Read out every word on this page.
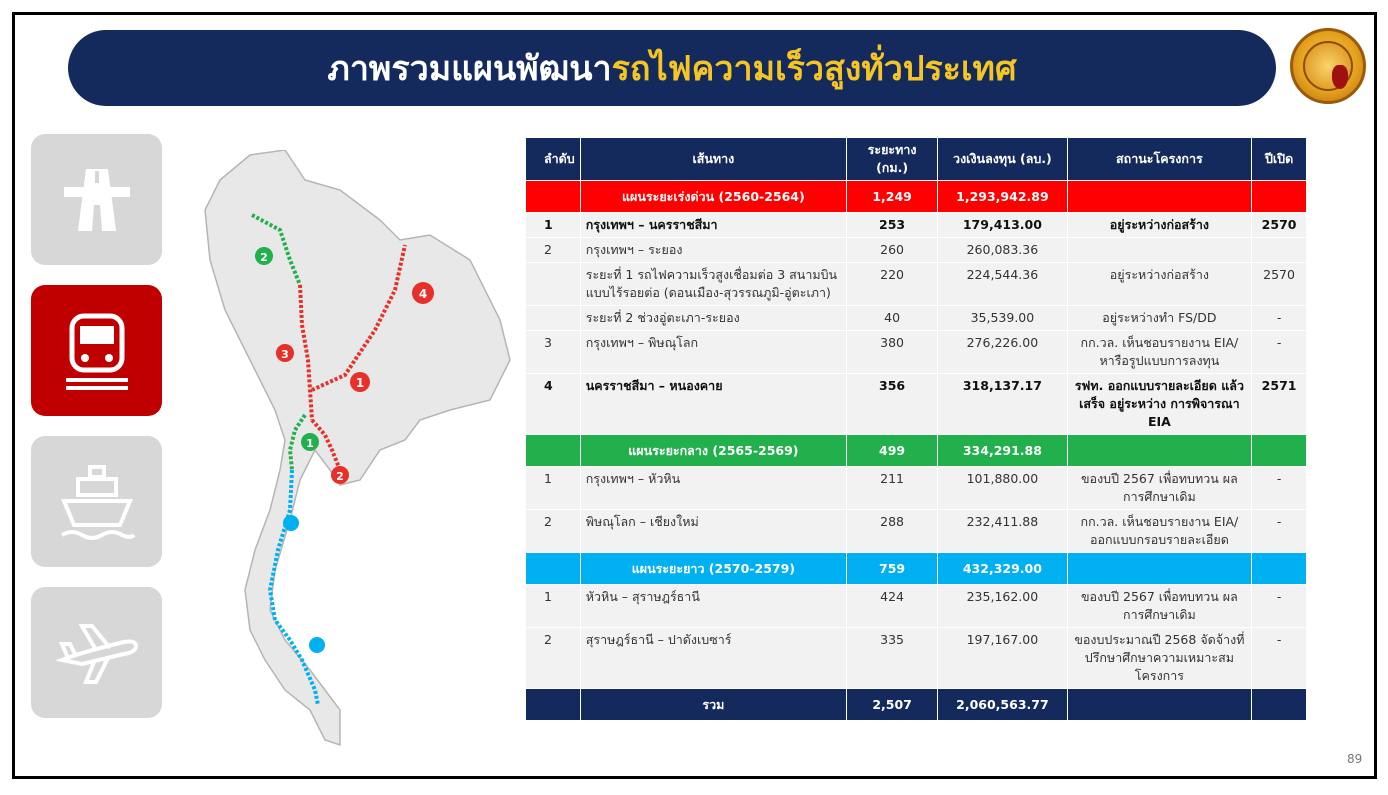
ภาพรวมแผนพัฒนา รถไฟความเร็วสูงทั่วประเทศ
1
2
3
4
1
2
ลำดับ	เส้นทาง	ระยะทาง (กม.)	วงเงินลงทุน (ลบ.)	สถานะโครงการ	ปีเปิด
	แผนระยะเร่งด่วน (2560-2564)	1,249	1,293,942.89		
1	กรุงเทพฯ – นครราชสีมา	253	179,413.00	อยู่ระหว่างก่อสร้าง	2570
2	กรุงเทพฯ – ระยอง	260	260,083.36		
	ระยะที่ 1 รถไฟความเร็วสูงเชื่อมต่อ 3 สนามบิน แบบไร้รอยต่อ (ดอนเมือง-สุวรรณภูมิ-อู่ตะเภา)	220	224,544.36	อยู่ระหว่างก่อสร้าง	2570
	ระยะที่ 2 ช่วงอู่ตะเภา-ระยอง	40	35,539.00	อยู่ระหว่างทำ FS/DD	-
3	กรุงเทพฯ – พิษณุโลก	380	276,226.00	กก.วล. เห็นชอบรายงาน EIA/ หารือรูปแบบการลงทุน	-
4	นครราชสีมา – หนองคาย	356	318,137.17	รฟท. ออกแบบรายละเอียด แล้วเสร็จ อยู่ระหว่าง การพิจารณา EIA	2571
	แผนระยะกลาง (2565-2569)	499	334,291.88		
1	กรุงเทพฯ – หัวหิน	211	101,880.00	ของบปี 2567 เพื่อทบทวน ผลการศึกษาเดิม	-
2	พิษณุโลก – เชียงใหม่	288	232,411.88	กก.วล. เห็นชอบรายงาน EIA/ ออกแบบกรอบรายละเอียด	-
	แผนระยะยาว (2570-2579)	759	432,329.00		
1	หัวหิน – สุราษฎร์ธานี	424	235,162.00	ของบปี 2567 เพื่อทบทวน ผลการศึกษาเดิม	-
2	สุราษฎร์ธานี – ปาดังเบซาร์	335	197,167.00	ของบประมาณปี 2568 จัดจ้างที่ ปรึกษาศึกษาความเหมาะสม โครงการ	-
	รวม	2,507	2,060,563.77		
89
